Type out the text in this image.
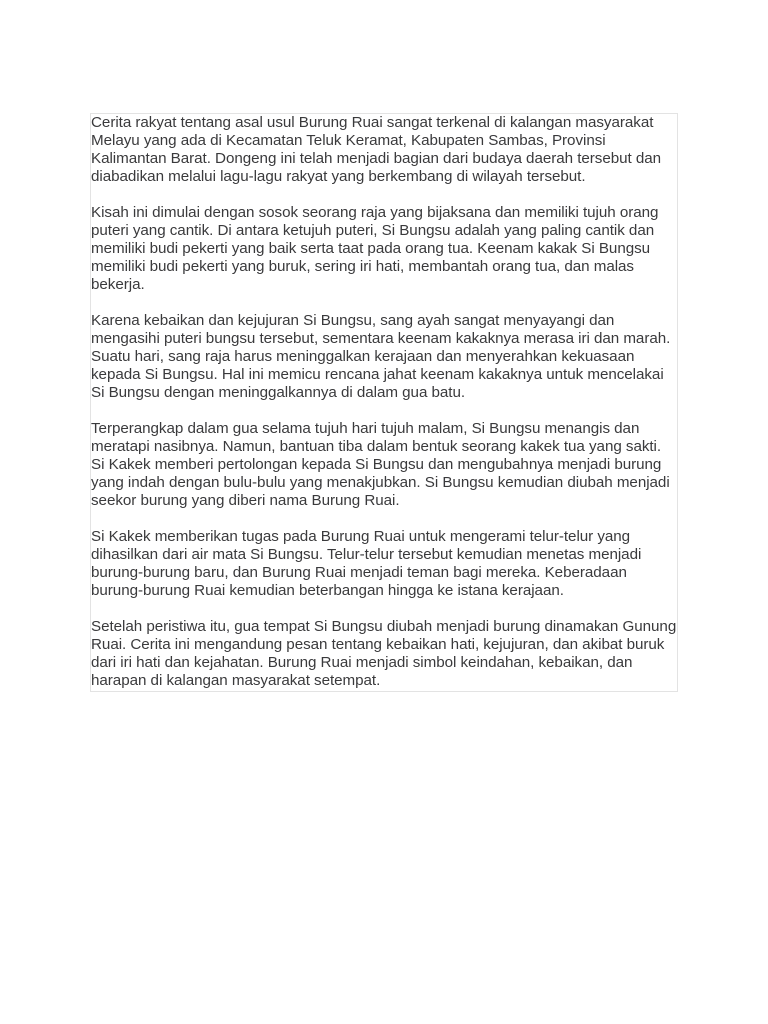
Cerita rakyat tentang asal usul Burung Ruai sangat terkenal di kalangan masyarakat Melayu yang ada di Kecamatan Teluk Keramat, Kabupaten Sambas, Provinsi Kalimantan Barat. Dongeng ini telah menjadi bagian dari budaya daerah tersebut dan diabadikan melalui lagu-lagu rakyat yang berkembang di wilayah tersebut.

Kisah ini dimulai dengan sosok seorang raja yang bijaksana dan memiliki tujuh orang puteri yang cantik. Di antara ketujuh puteri, Si Bungsu adalah yang paling cantik dan memiliki budi pekerti yang baik serta taat pada orang tua. Keenam kakak Si Bungsu memiliki budi pekerti yang buruk, sering iri hati, membantah orang tua, dan malas bekerja.

Karena kebaikan dan kejujuran Si Bungsu, sang ayah sangat menyayangi dan mengasihi puteri bungsu tersebut, sementara keenam kakaknya merasa iri dan marah. Suatu hari, sang raja harus meninggalkan kerajaan dan menyerahkan kekuasaan kepada Si Bungsu. Hal ini memicu rencana jahat keenam kakaknya untuk mencelakai Si Bungsu dengan meninggalkannya di dalam gua batu.

Terperangkap dalam gua selama tujuh hari tujuh malam, Si Bungsu menangis dan meratapi nasibnya. Namun, bantuan tiba dalam bentuk seorang kakek tua yang sakti. Si Kakek memberi pertolongan kepada Si Bungsu dan mengubahnya menjadi burung yang indah dengan bulu-bulu yang menakjubkan. Si Bungsu kemudian diubah menjadi seekor burung yang diberi nama Burung Ruai.

Si Kakek memberikan tugas pada Burung Ruai untuk mengerami telur-telur yang dihasilkan dari air mata Si Bungsu. Telur-telur tersebut kemudian menetas menjadi burung-burung baru, dan Burung Ruai menjadi teman bagi mereka. Keberadaan burung-burung Ruai kemudian beterbangan hingga ke istana kerajaan.

Setelah peristiwa itu, gua tempat Si Bungsu diubah menjadi burung dinamakan Gunung Ruai. Cerita ini mengandung pesan tentang kebaikan hati, kejujuran, dan akibat buruk dari iri hati dan kejahatan. Burung Ruai menjadi simbol keindahan, kebaikan, dan harapan di kalangan masyarakat setempat.
